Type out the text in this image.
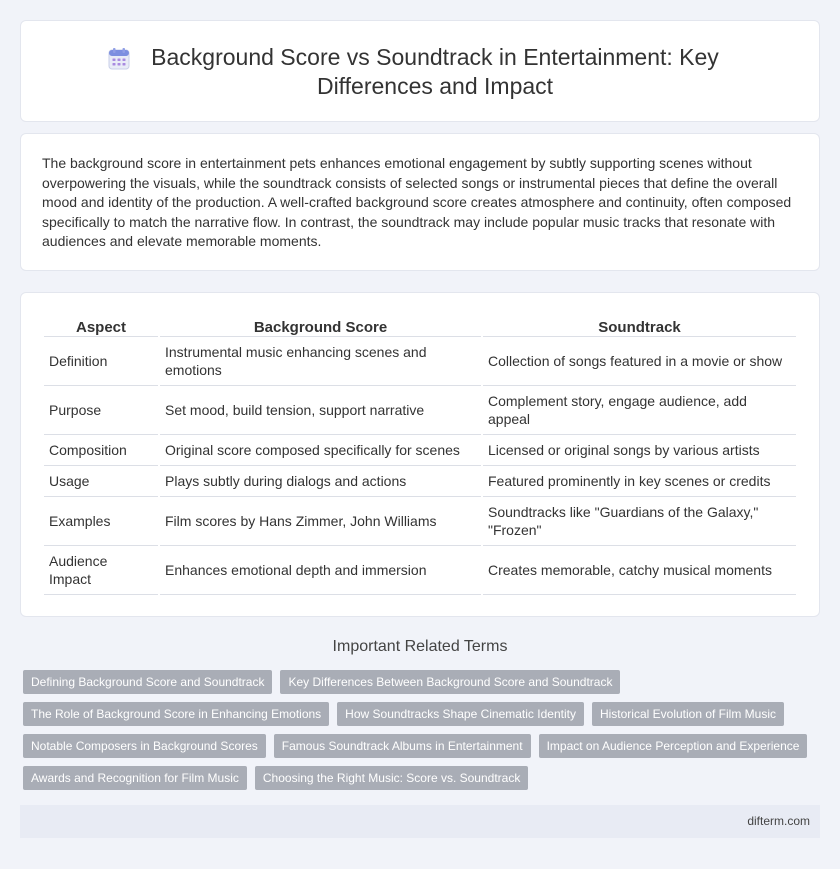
Background Score vs Soundtrack in Entertainment: Key Differences and Impact

The background score in entertainment pets enhances emotional engagement by subtly supporting scenes without overpowering the visuals, while the soundtrack consists of selected songs or instrumental pieces that define the overall mood and identity of the production. A well-crafted background score creates atmosphere and continuity, often composed specifically to match the narrative flow. In contrast, the soundtrack may include popular music tracks that resonate with audiences and elevate memorable moments.

Aspect	Background Score	Soundtrack
Definition	Instrumental music enhancing scenes and emotions	Collection of songs featured in a movie or show
Purpose	Set mood, build tension, support narrative	Complement story, engage audience, add appeal
Composition	Original score composed specifically for scenes	Licensed or original songs by various artists
Usage	Plays subtly during dialogs and actions	Featured prominently in key scenes or credits
Examples	Film scores by Hans Zimmer, John Williams	Soundtracks like "Guardians of the Galaxy," "Frozen"
Audience Impact	Enhances emotional depth and immersion	Creates memorable, catchy musical moments
Important Related Terms
Defining Background Score and Soundtrack	Key Differences Between Background Score and Soundtrack
The Role of Background Score in Enhancing Emotions	How Soundtracks Shape Cinematic Identity	Historical Evolution of Film Music
Notable Composers in Background Scores	Famous Soundtrack Albums in Entertainment	Impact on Audience Perception and Experience
Awards and Recognition for Film Music	Choosing the Right Music: Score vs. Soundtrack
difterm.com
